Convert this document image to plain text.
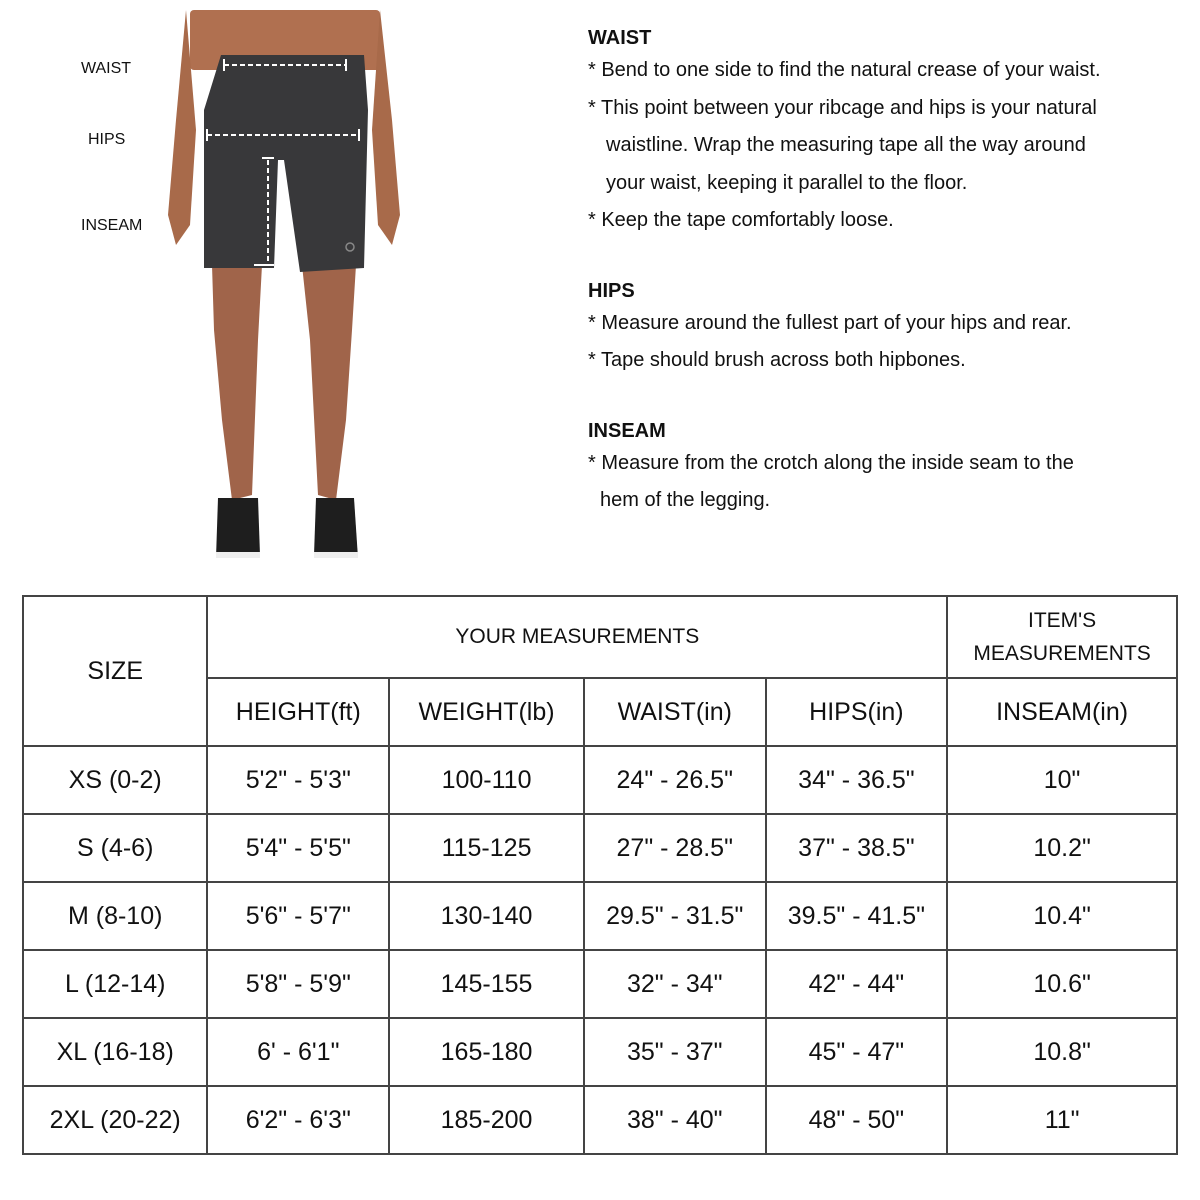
WAIST
HIPS
INSEAM
WAIST

* Bend to one side to find the natural crease of your waist.

* This point between your ribcage and hips is your natural

waistline. Wrap the measuring tape all the way around

your waist, keeping it parallel to the floor.

* Keep the tape comfortably loose.

HIPS

* Measure around the fullest part of your hips and rear.

* Tape should brush across both hipbones.

INSEAM

* Measure from the crotch along the inside seam to the

hem of the legging.

SIZE	YOUR MEASUREMENTS				ITEM'S
MEASUREMENTS
	HEIGHT(ft)	WEIGHT(lb)	WAIST(in)	HIPS(in)	INSEAM(in)
XS (0-2)	5'2" - 5'3"	100-110	24" - 26.5"	34" - 36.5"	10"
S (4-6)	5'4" - 5'5"	115-125	27" - 28.5"	37" - 38.5"	10.2"
M (8-10)	5'6" - 5'7"	130-140	29.5" - 31.5"	39.5" - 41.5"	10.4"
L (12-14)	5'8" - 5'9"	145-155	32" - 34"	42" - 44"	10.6"
XL (16-18)	6' - 6'1"	165-180	35" - 37"	45" - 47"	10.8"
2XL (20-22)	6'2" - 6'3"	185-200	38" - 40"	48" - 50"	11"
